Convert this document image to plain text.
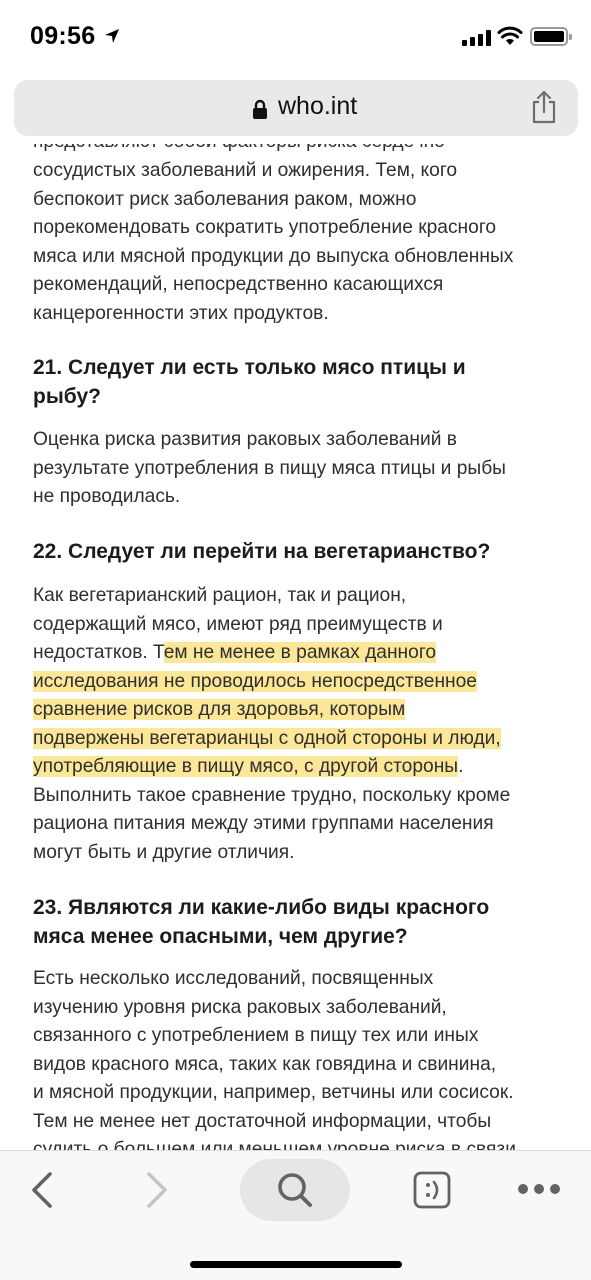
09:56
who.int
сосудистых заболеваний и ожирения. Тем, кого
беспокоит риск заболевания раком, можно
порекомендовать сократить употребление красного
мяса или мясной продукции до выпуска обновленных
рекомендаций, непосредственно касающихся
канцерогенности этих продуктов.
21. Следует ли есть только мясо птицы и
рыбу?
Оценка риска развития раковых заболеваний в
результате употребления в пищу мяса птицы и рыбы
не проводилась.
22. Следует ли перейти на вегетарианство?
Как вегетарианский рацион, так и рацион,
содержащий мясо, имеют ряд преимуществ и
недостатков. Тем не менее в рамках данного
исследования не проводилось непосредственное
сравнение рисков для здоровья, которым
подвержены вегетарианцы с одной стороны и люди,
употребляющие в пищу мясо, с другой стороны.
Выполнить такое сравнение трудно, поскольку кроме
рациона питания между этими группами населения
могут быть и другие отличия.
23. Являются ли какие-либо виды красного
мяса менее опасными, чем другие?
Есть несколько исследований, посвященных
изучению уровня риска раковых заболеваний,
связанного с употреблением в пищу тех или иных
видов красного мяса, таких как говядина и свинина,
и мясной продукции, например, ветчины или сосисок.
Тем не менее нет достаточной информации, чтобы
